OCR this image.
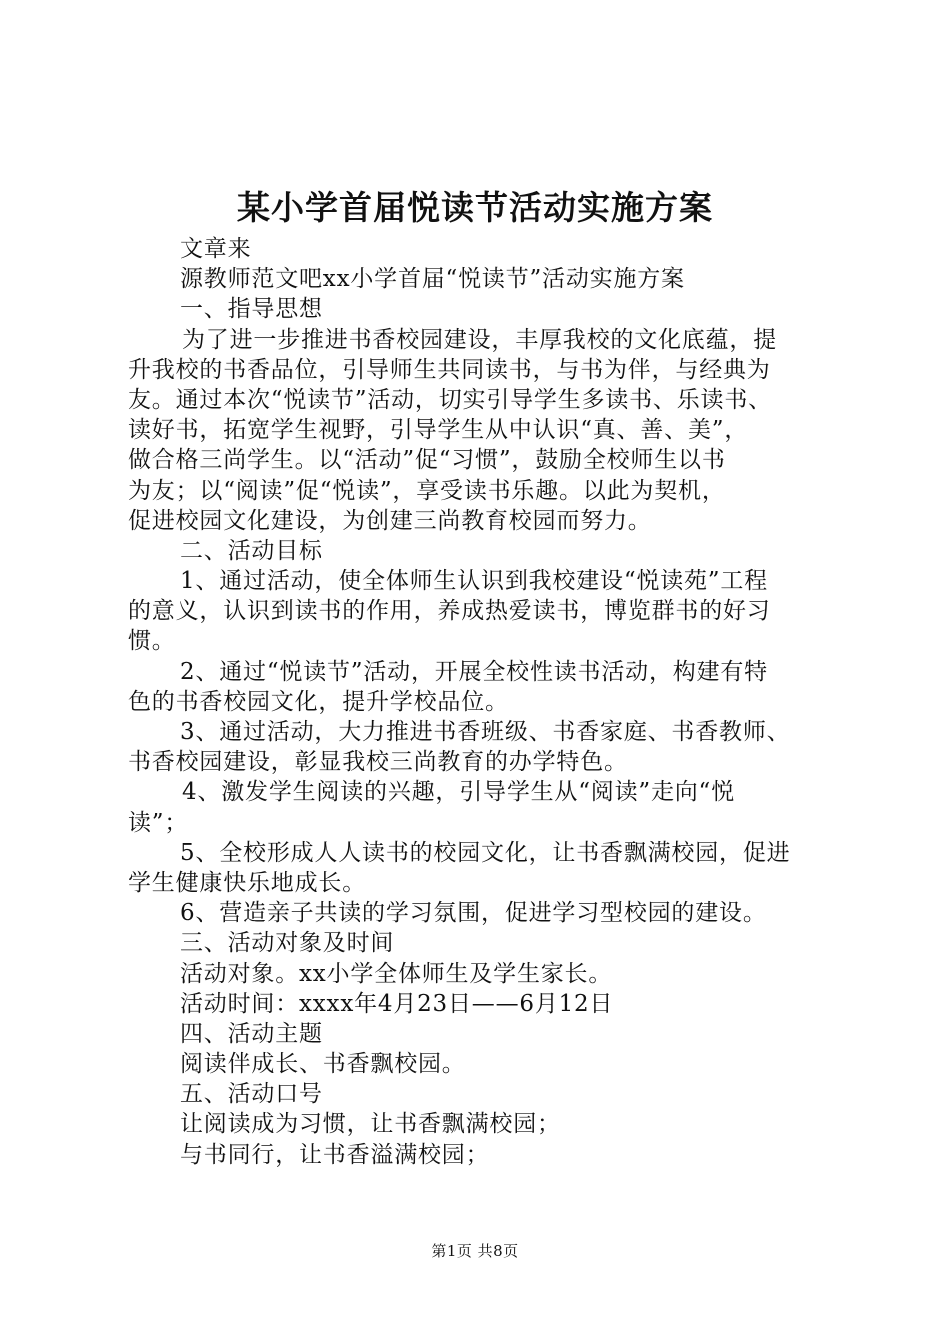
某小学首届悦读节活动实施方案
文章来
源教师范文吧xx小学首届“悦读节”活动实施方案
一、指导思想
为了进一步推进书香校园建设，丰厚我校的文化底蕴，提
升我校的书香品位，引导师生共同读书，与书为伴，与经典为
友。通过本次“悦读节”活动，切实引导学生多读书、乐读书、
读好书，拓宽学生视野，引导学生从中认识“真、善、美”，
做合格三尚学生。以“活动”促“习惯”，鼓励全校师生以书
为友；以“阅读”促“悦读”，享受读书乐趣。以此为契机，
促进校园文化建设，为创建三尚教育校园而努力。
二、活动目标
1、通过活动，使全体师生认识到我校建设“悦读苑”工程
的意义，认识到读书的作用，养成热爱读书，博览群书的好习
惯。
2、通过“悦读节”活动，开展全校性读书活动，构建有特
色的书香校园文化，提升学校品位。
3、通过活动，大力推进书香班级、书香家庭、书香教师、
书香校园建设，彰显我校三尚教育的办学特色。
4、激发学生阅读的兴趣，引导学生从“阅读”走向“悦
读”；
5、全校形成人人读书的校园文化，让书香飘满校园，促进
学生健康快乐地成长。
6、营造亲子共读的学习氛围，促进学习型校园的建设。
三、活动对象及时间
活动对象。xx小学全体师生及学生家长。
活动时间：xxxx年4月23日——6月12日
四、活动主题
阅读伴成长、书香飘校园。
五、活动口号
让阅读成为习惯，让书香飘满校园；
与书同行，让书香溢满校园；
第1页 共8页
